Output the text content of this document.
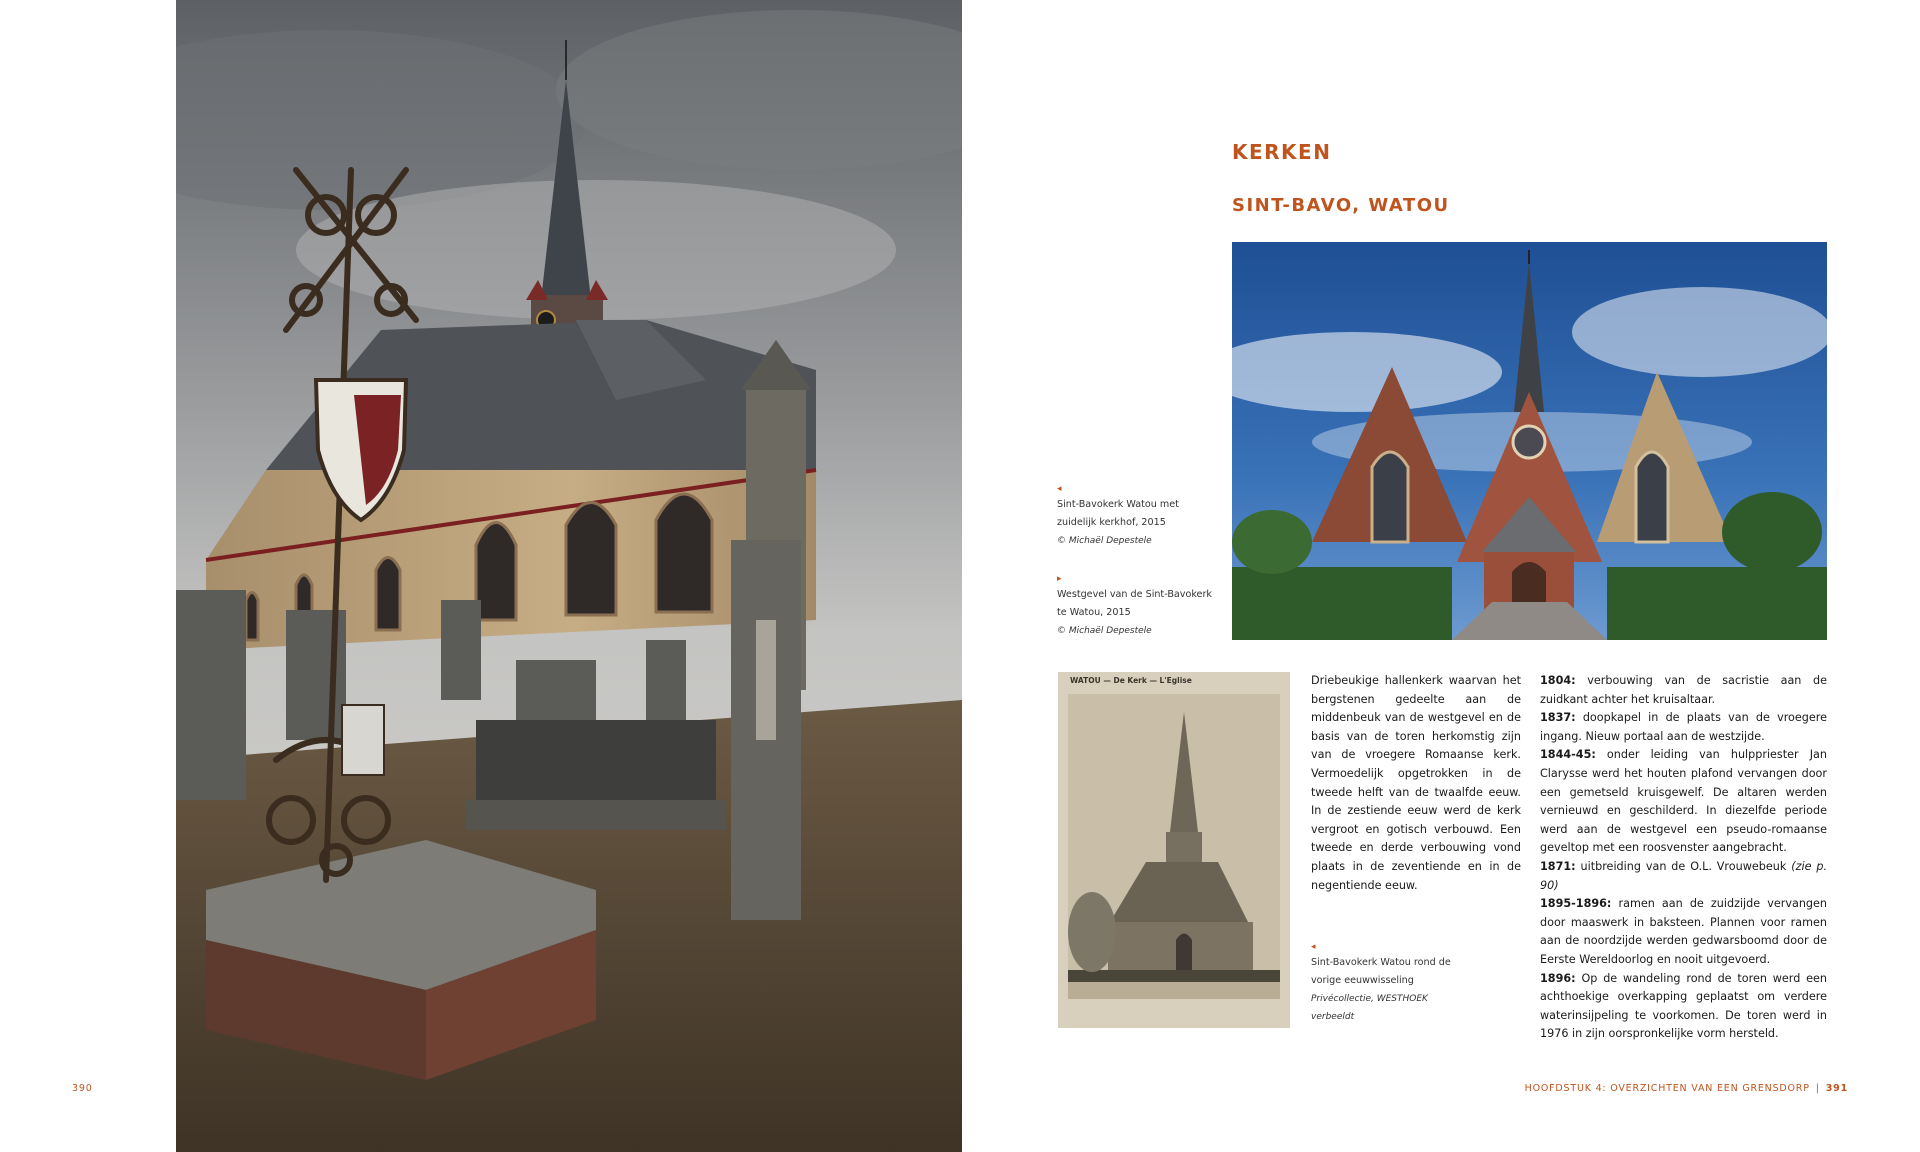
KERKEN
SINT-BAVO, WATOU
WATOU — De Kerk — L'Eglise
◂
Sint-Bavokerk Watou met zuidelijk kerkhof, 2015
© Michaël Depestele
▸
Westgevel van de Sint-Bavokerk te Watou, 2015
© Michaël Depestele
◂
Sint-Bavokerk Watou rond de vorige eeuwwisseling
Privécollectie, WESTHOEK verbeeldt
Driebeukige hallenkerk waarvan het bergstenen gedeelte aan de middenbeuk van de westgevel en de basis van de toren herkomstig zijn van de vroegere Romaanse kerk. Vermoedelijk opgetrokken in de tweede helft van de twaalfde eeuw. In de zestiende eeuw werd de kerk vergroot en gotisch verbouwd. Een tweede en derde verbouwing vond plaats in de zeventiende en in de negentiende eeuw.

1804: verbouwing van de sacristie aan de zuidkant achter het kruisaltaar.

1837: doopkapel in de plaats van de vroegere ingang. Nieuw portaal aan de westzijde.

1844-45: onder leiding van hulppriester Jan Clarysse werd het houten plafond vervangen door een gemetseld kruisgewelf. De altaren werden vernieuwd en geschilderd. In diezelfde periode werd aan de westgevel een pseudo-romaanse geveltop met een roosvenster aangebracht.

1871: uitbreiding van de O.L. Vrouwebeuk (zie p. 90)

1895-1896: ramen aan de zuidzijde vervangen door maaswerk in baksteen. Plannen voor ramen aan de noordzijde werden gedwarsboomd door de Eerste Wereldoorlog en nooit uitgevoerd.

1896: Op de wandeling rond de toren werd een achthoekige overkapping geplaatst om verdere waterinsijpeling te voorkomen. De toren werd in 1976 in zijn oorspronkelijke vorm hersteld.

390	HOOFDSTUK 4: OVERZICHTEN VAN EEN GRENSDORP | 391
